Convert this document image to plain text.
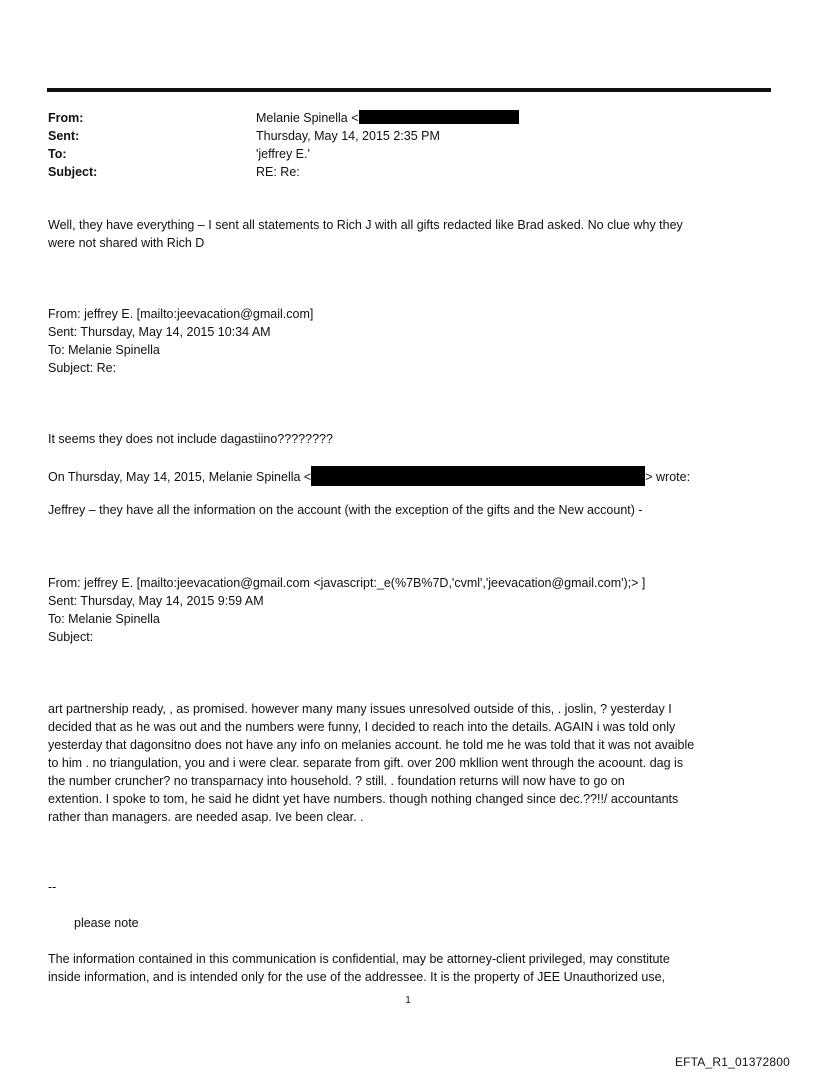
From:	Melanie Spinella <
Sent:	Thursday, May 14, 2015 2:35 PM
To:	'jeffrey E.'
Subject:	RE: Re:
Well, they have everything – I sent all statements to Rich J with all gifts redacted like Brad asked. No clue why they
were not shared with Rich D
From: jeffrey E. [mailto:jeevacation@gmail.com]
Sent: Thursday, May 14, 2015 10:34 AM
To: Melanie Spinella
Subject: Re:
It seems they does not include dagastiino????????
On Thursday, May 14, 2015, Melanie Spinella <	> wrote:
Jeffrey – they have all the information on the account (with the exception of the gifts and the New account) -
From: jeffrey E. [mailto:jeevacation@gmail.com <javascript:_e(%7B%7D,'cvml','jeevacation@gmail.com');> ]
Sent: Thursday, May 14, 2015 9:59 AM
To: Melanie Spinella
Subject:
art partnership ready, , as promised. however many many issues unresolved outside of this, . joslin, ? yesterday I
decided that as he was out and the numbers were funny, I decided to reach into the details. AGAIN i was told only
yesterday that dagonsitno does not have any info on melanies account. he told me he was told that it was not avaible
to him . no triangulation, you and i were clear. separate from gift. over 200 mkllion went through the acoount. dag is
the number cruncher? no transparnacy into household. ? still. . foundation returns will now have to go on
extention. I spoke to tom, he said he didnt yet have numbers. though nothing changed since dec.??!!/ accountants
rather than managers. are needed asap. Ive been clear. .
--
please note
The information contained in this communication is confidential, may be attorney-client privileged, may constitute
inside information, and is intended only for the use of the addressee. It is the property of JEE Unauthorized use,
1
EFTA_R1_01372800
